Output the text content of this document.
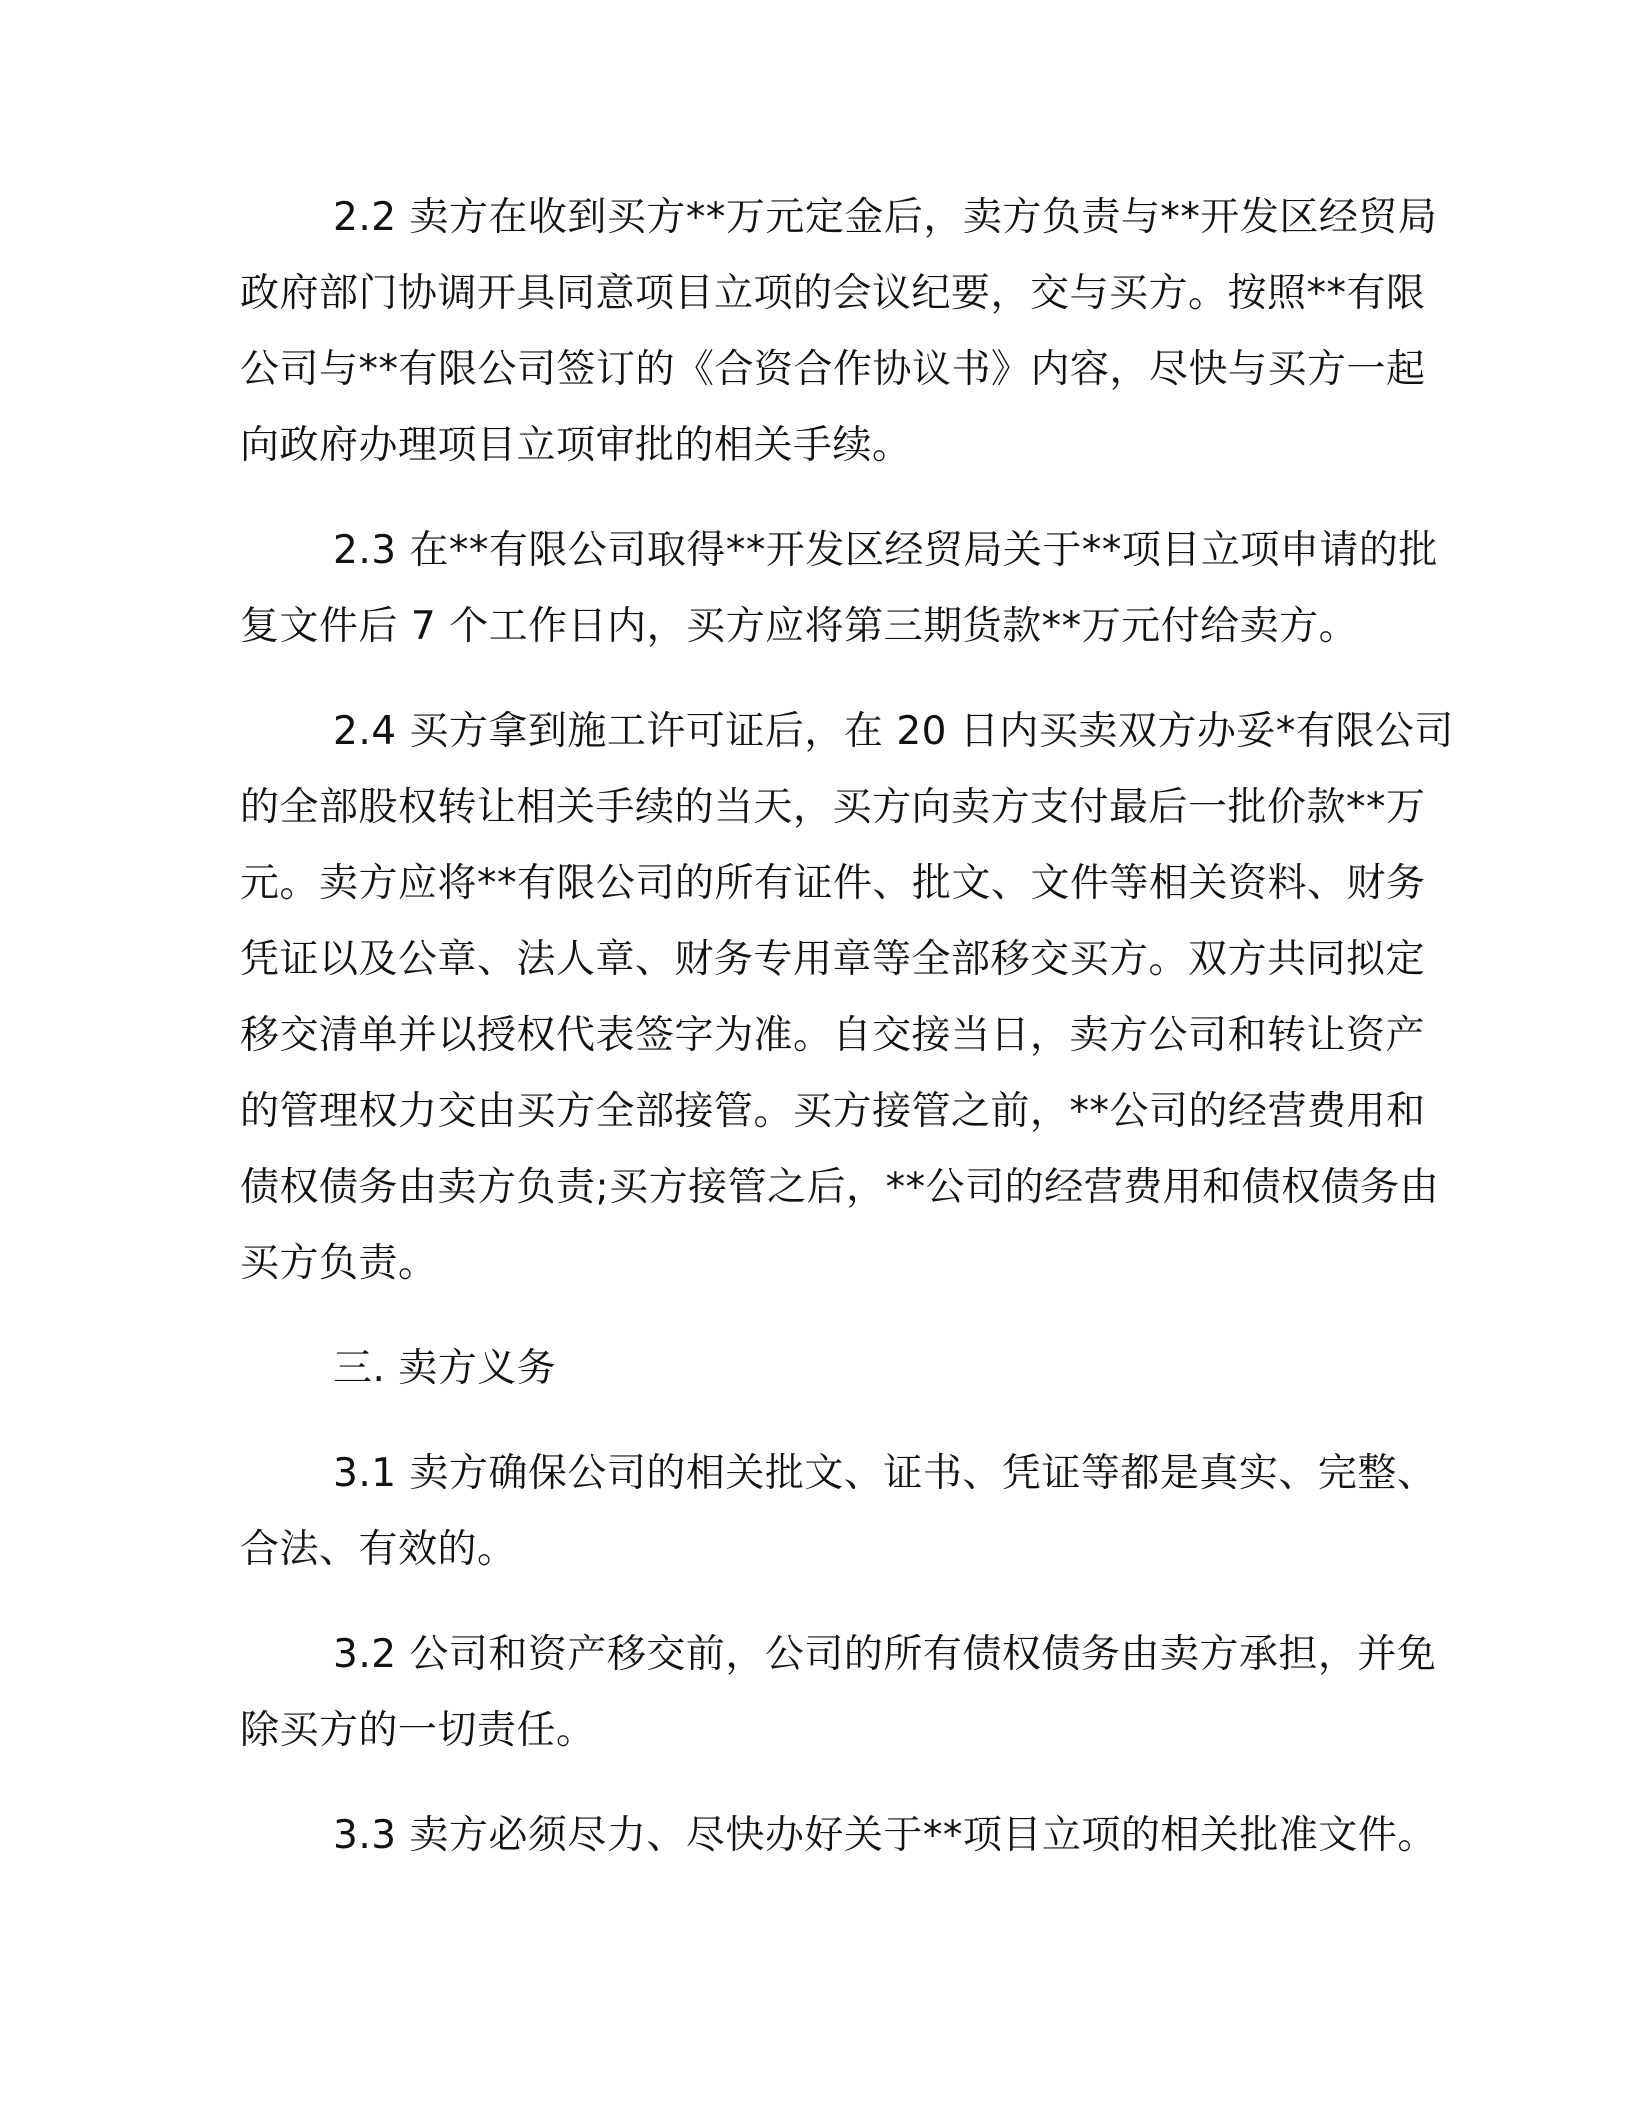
2.2 卖方在收到买方**万元定金后，卖方负责与**开发区经贸局
政府部门协调开具同意项目立项的会议纪要，交与买方。按照**有限
公司与**有限公司签订的《合资合作协议书》内容，尽快与买方一起
向政府办理项目立项审批的相关手续。
2.3 在**有限公司取得**开发区经贸局关于**项目立项申请的批
复文件后 7 个工作日内，买方应将第三期货款**万元付给卖方。
2.4 买方拿到施工许可证后，在 20 日内买卖双方办妥*有限公司
的全部股权转让相关手续的当天，买方向卖方支付最后一批价款**万
元。卖方应将**有限公司的所有证件、批文、文件等相关资料、财务
凭证以及公章、法人章、财务专用章等全部移交买方。双方共同拟定
移交清单并以授权代表签字为准。自交接当日，卖方公司和转让资产
的管理权力交由买方全部接管。买方接管之前，**公司的经营费用和
债权债务由卖方负责;买方接管之后，**公司的经营费用和债权债务由
买方负责。
三. 卖方义务
3.1 卖方确保公司的相关批文、证书、凭证等都是真实、完整、
合法、有效的。
3.2 公司和资产移交前，公司的所有债权债务由卖方承担，并免
除买方的一切责任。
3.3 卖方必须尽力、尽快办好关于**项目立项的相关批准文件。
